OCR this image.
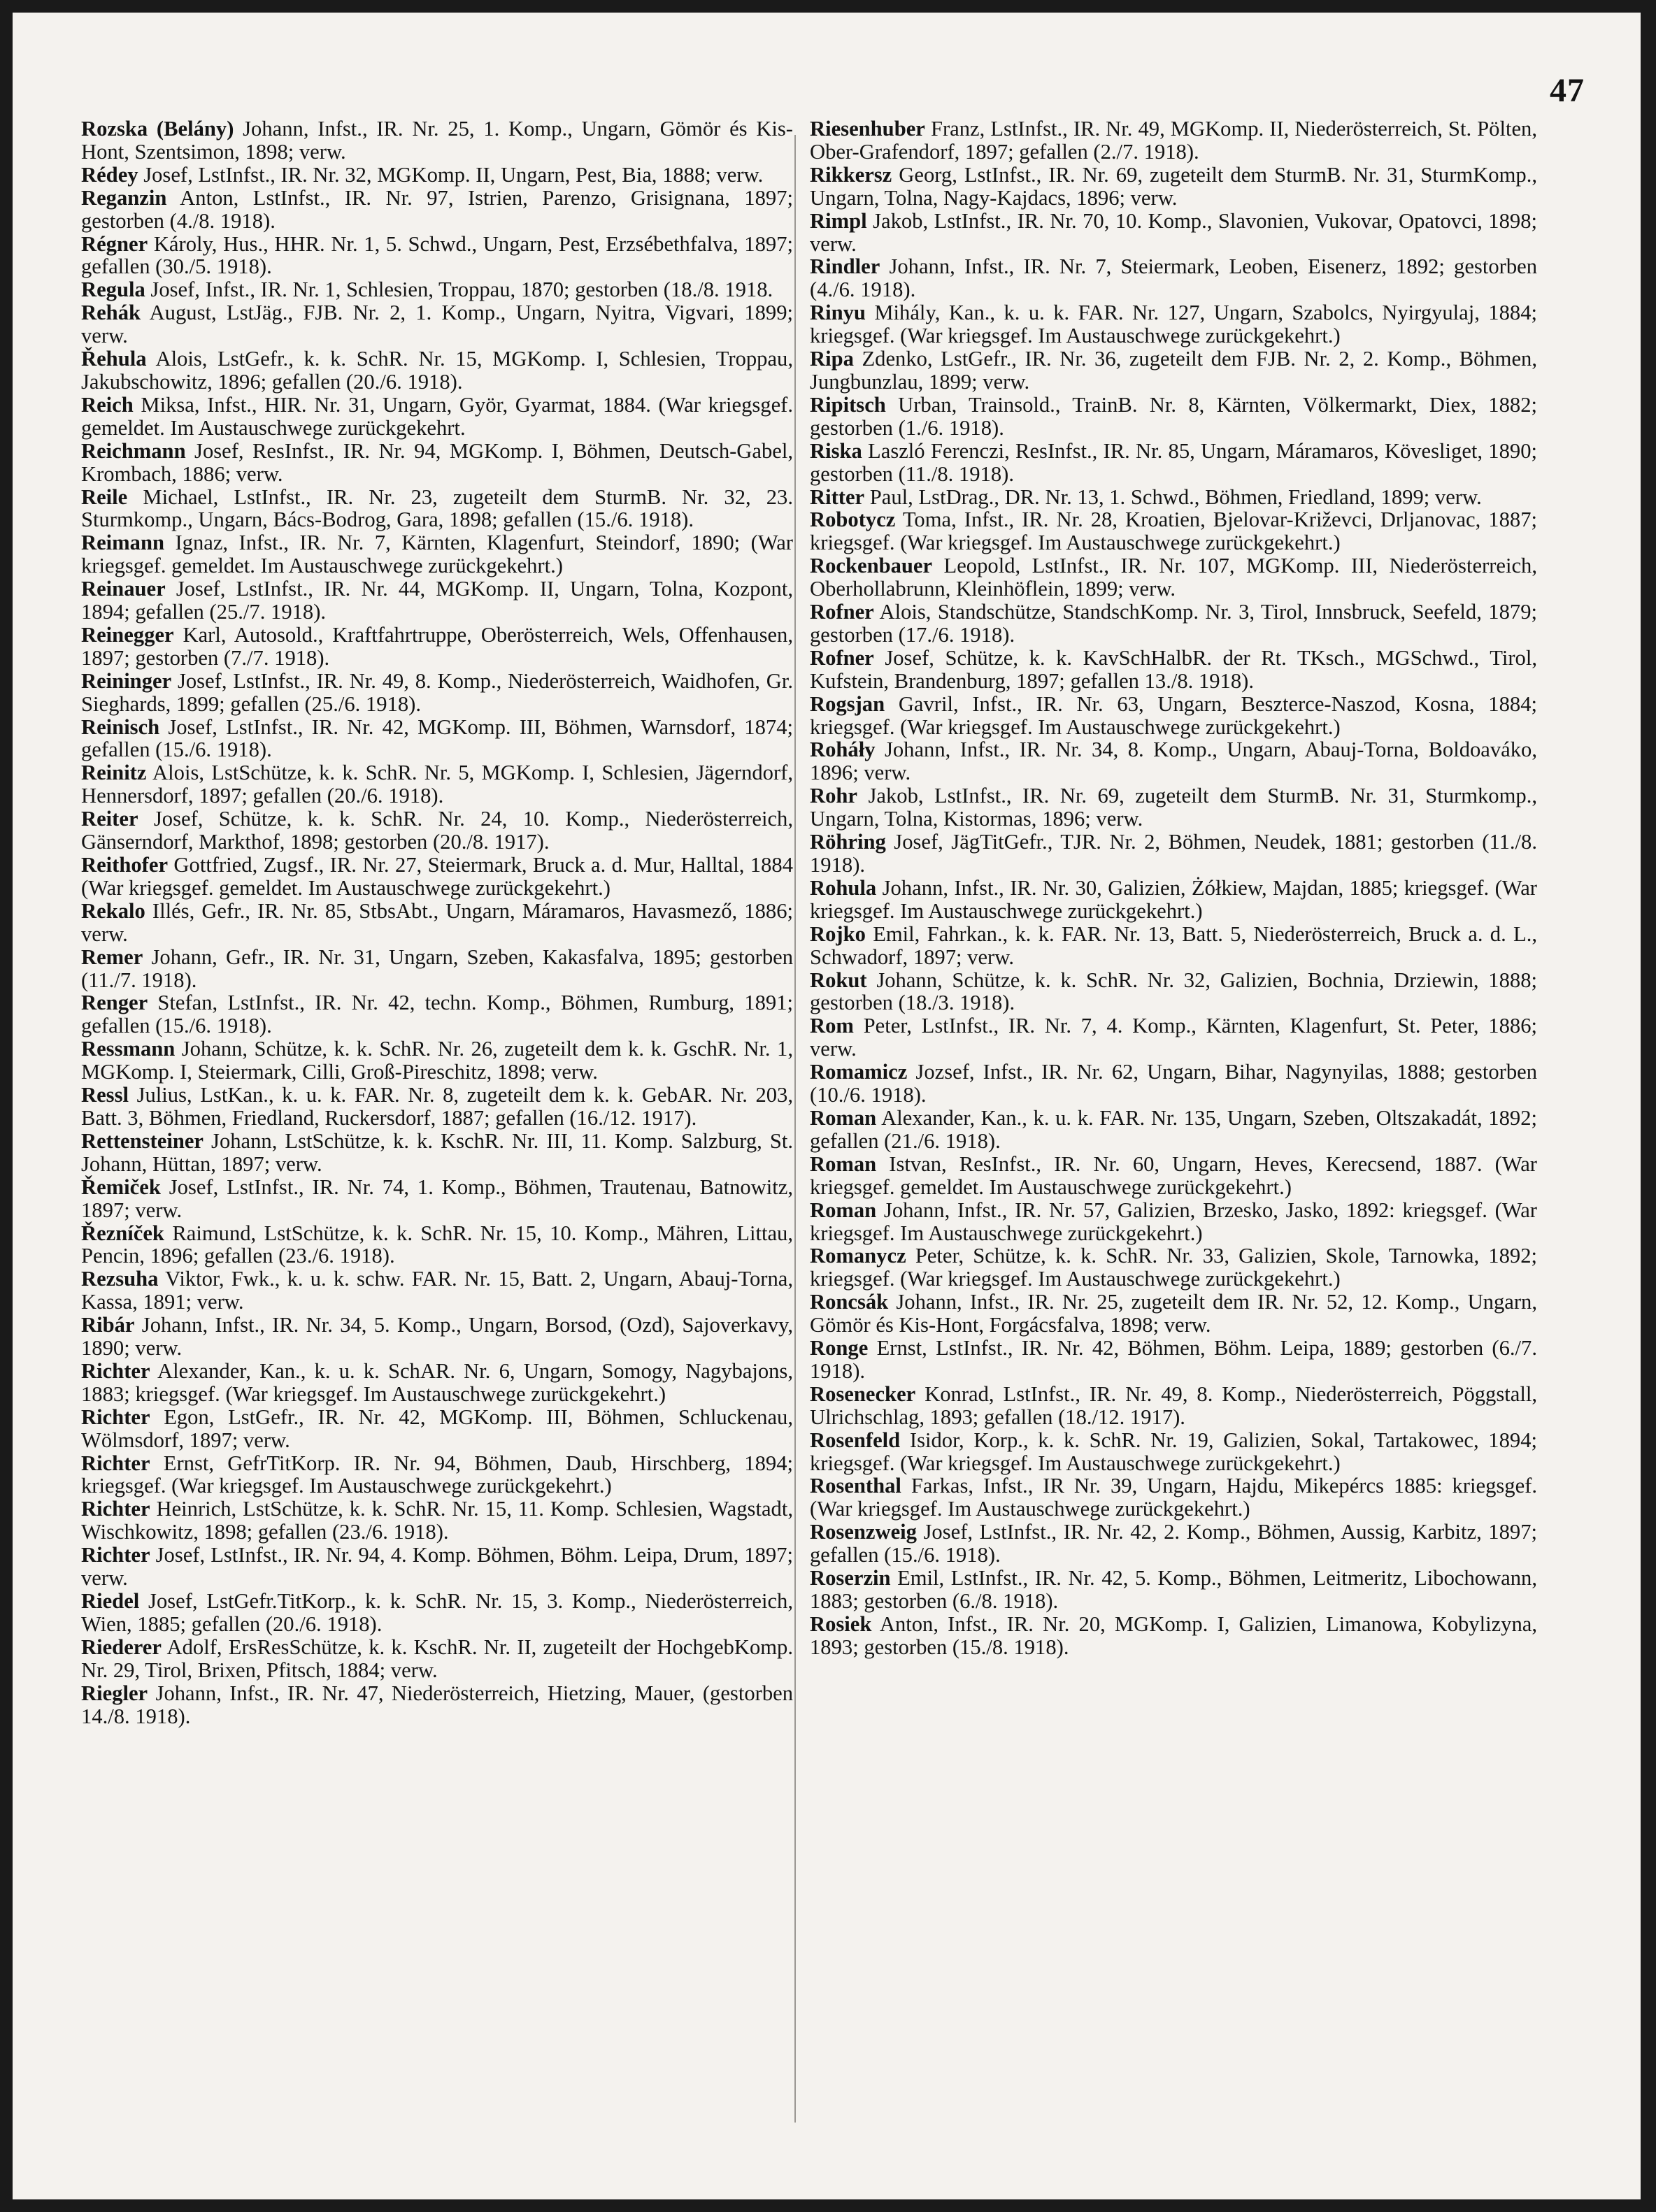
47
Rozska (Belány) Johann, Infst., IR. Nr. 25, 1. Komp., Ungarn, Gömör és Kis-Hont, Szentsimon, 1898; verw.
Rédey Josef, LstInfst., IR. Nr. 32, MGKomp. II, Ungarn, Pest, Bia, 1888; verw.
Reganzin Anton, LstInfst., IR. Nr. 97, Istrien, Parenzo, Grisignana, 1897; gestorben (4./8. 1918).
Régner Károly, Hus., HHR. Nr. 1, 5. Schwd., Ungarn, Pest, Erzsébethfalva, 1897; gefallen (30./5. 1918).
Regula Josef, Infst., IR. Nr. 1, Schlesien, Troppau, 1870; gestorben (18./8. 1918.
Rehák August, LstJäg., FJB. Nr. 2, 1. Komp., Ungarn, Nyitra, Vigvari, 1899; verw.
Řehula Alois, LstGefr., k. k. SchR. Nr. 15, MGKomp. I, Schlesien, Troppau, Jakubschowitz, 1896; gefallen (20./6. 1918).
Reich Miksa, Infst., HIR. Nr. 31, Ungarn, Györ, Gyarmat, 1884. (War kriegsgef. gemeldet. Im Austauschwege zurückgekehrt.
Reichmann Josef, ResInfst., IR. Nr. 94, MGKomp. I, Böhmen, Deutsch-Gabel, Krombach, 1886; verw.
Reile Michael, LstInfst., IR. Nr. 23, zugeteilt dem SturmB. Nr. 32, 23. Sturmkomp., Ungarn, Bács-Bodrog, Gara, 1898; gefallen (15./6. 1918).
Reimann Ignaz, Infst., IR. Nr. 7, Kärnten, Klagenfurt, Steindorf, 1890; (War kriegsgef. gemeldet. Im Austauschwege zurückgekehrt.)
Reinauer Josef, LstInfst., IR. Nr. 44, MGKomp. II, Ungarn, Tolna, Kozpont, 1894; gefallen (25./7. 1918).
Reinegger Karl, Autosold., Kraftfahrtruppe, Oberösterreich, Wels, Offenhausen, 1897; gestorben (7./7. 1918).
Reininger Josef, LstInfst., IR. Nr. 49, 8. Komp., Niederösterreich, Waidhofen, Gr. Sieghards, 1899; gefallen (25./6. 1918).
Reinisch Josef, LstInfst., IR. Nr. 42, MGKomp. III, Böhmen, Warnsdorf, 1874; gefallen (15./6. 1918).
Reinitz Alois, LstSchütze, k. k. SchR. Nr. 5, MGKomp. I, Schlesien, Jägerndorf, Hennersdorf, 1897; gefallen (20./6. 1918).
Reiter Josef, Schütze, k. k. SchR. Nr. 24, 10. Komp., Niederösterreich, Gänserndorf, Markthof, 1898; gestorben (20./8. 1917).
Reithofer Gottfried, Zugsf., IR. Nr. 27, Steiermark, Bruck a. d. Mur, Halltal, 1884 (War kriegsgef. gemeldet. Im Austauschwege zurückgekehrt.)
Rekalo Illés, Gefr., IR. Nr. 85, StbsAbt., Ungarn, Máramaros, Havasmező, 1886; verw.
Remer Johann, Gefr., IR. Nr. 31, Ungarn, Szeben, Kakasfalva, 1895; gestorben (11./7. 1918).
Renger Stefan, LstInfst., IR. Nr. 42, techn. Komp., Böhmen, Rumburg, 1891; gefallen (15./6. 1918).
Ressmann Johann, Schütze, k. k. SchR. Nr. 26, zugeteilt dem k. k. GschR. Nr. 1, MGKomp. I, Steiermark, Cilli, Groß-Pireschitz, 1898; verw.
Ressl Julius, LstKan., k. u. k. FAR. Nr. 8, zugeteilt dem k. k. GebAR. Nr. 203, Batt. 3, Böhmen, Friedland, Ruckersdorf, 1887; gefallen (16./12. 1917).
Rettensteiner Johann, LstSchütze, k. k. KschR. Nr. III, 11. Komp. Salzburg, St. Johann, Hüttan, 1897; verw.
Řemiček Josef, LstInfst., IR. Nr. 74, 1. Komp., Böhmen, Trautenau, Batnowitz, 1897; verw.
Řezníček Raimund, LstSchütze, k. k. SchR. Nr. 15, 10. Komp., Mähren, Littau, Pencin, 1896; gefallen (23./6. 1918).
Rezsuha Viktor, Fwk., k. u. k. schw. FAR. Nr. 15, Batt. 2, Ungarn, Abauj-Torna, Kassa, 1891; verw.
Ribár Johann, Infst., IR. Nr. 34, 5. Komp., Ungarn, Borsod, (Ozd), Sajoverkavy, 1890; verw.
Richter Alexander, Kan., k. u. k. SchAR. Nr. 6, Ungarn, Somogy, Nagybajons, 1883; kriegsgef. (War kriegsgef. Im Austauschwege zurückgekehrt.)
Richter Egon, LstGefr., IR. Nr. 42, MGKomp. III, Böhmen, Schluckenau, Wölmsdorf, 1897; verw.
Richter Ernst, GefrTitKorp. IR. Nr. 94, Böhmen, Daub, Hirschberg, 1894; kriegsgef. (War kriegsgef. Im Austauschwege zurückgekehrt.)
Richter Heinrich, LstSchütze, k. k. SchR. Nr. 15, 11. Komp. Schlesien, Wagstadt, Wischkowitz, 1898; gefallen (23./6. 1918).
Richter Josef, LstInfst., IR. Nr. 94, 4. Komp. Böhmen, Böhm. Leipa, Drum, 1897; verw.
Riedel Josef, LstGefr.TitKorp., k. k. SchR. Nr. 15, 3. Komp., Niederösterreich, Wien, 1885; gefallen (20./6. 1918).
Riederer Adolf, ErsResSchütze, k. k. KschR. Nr. II, zugeteilt der HochgebKomp. Nr. 29, Tirol, Brixen, Pfitsch, 1884; verw.
Riegler Johann, Infst., IR. Nr. 47, Niederösterreich, Hietzing, Mauer, (gestorben 14./8. 1918).
Riesenhuber Franz, LstInfst., IR. Nr. 49, MGKomp. II, Niederösterreich, St. Pölten, Ober-Grafendorf, 1897; gefallen (2./7. 1918).
Rikkersz Georg, LstInfst., IR. Nr. 69, zugeteilt dem SturmB. Nr. 31, SturmKomp., Ungarn, Tolna, Nagy-Kajdacs, 1896; verw.
Rimpl Jakob, LstInfst., IR. Nr. 70, 10. Komp., Slavonien, Vukovar, Opatovci, 1898; verw.
Rindler Johann, Infst., IR. Nr. 7, Steiermark, Leoben, Eisenerz, 1892; gestorben (4./6. 1918).
Rinyu Mihály, Kan., k. u. k. FAR. Nr. 127, Ungarn, Szabolcs, Nyirgyulaj, 1884; kriegsgef. (War kriegsgef. Im Austauschwege zurückgekehrt.)
Ripa Zdenko, LstGefr., IR. Nr. 36, zugeteilt dem FJB. Nr. 2, 2. Komp., Böhmen, Jungbunzlau, 1899; verw.
Ripitsch Urban, Trainsold., TrainB. Nr. 8, Kärnten, Völkermarkt, Diex, 1882; gestorben (1./6. 1918).
Riska Laszló Ferenczi, ResInfst., IR. Nr. 85, Ungarn, Máramaros, Kövesliget, 1890; gestorben (11./8. 1918).
Ritter Paul, LstDrag., DR. Nr. 13, 1. Schwd., Böhmen, Friedland, 1899; verw.
Robotycz Toma, Infst., IR. Nr. 28, Kroatien, Bjelovar-Križevci, Drljanovac, 1887; kriegsgef. (War kriegsgef. Im Austauschwege zurückgekehrt.)
Rockenbauer Leopold, LstInfst., IR. Nr. 107, MGKomp. III, Niederösterreich, Oberhollabrunn, Kleinhöflein, 1899; verw.
Rofner Alois, Standschütze, StandschKomp. Nr. 3, Tirol, Innsbruck, Seefeld, 1879; gestorben (17./6. 1918).
Rofner Josef, Schütze, k. k. KavSchHalbR. der Rt. TKsch., MGSchwd., Tirol, Kufstein, Brandenburg, 1897; gefallen 13./8. 1918).
Rogsjan Gavril, Infst., IR. Nr. 63, Ungarn, Beszterce-Naszod, Kosna, 1884; kriegsgef. (War kriegsgef. Im Austauschwege zurückgekehrt.)
Roháły Johann, Infst., IR. Nr. 34, 8. Komp., Ungarn, Abauj-Torna, Boldoaváko, 1896; verw.
Rohr Jakob, LstInfst., IR. Nr. 69, zugeteilt dem SturmB. Nr. 31, Sturmkomp., Ungarn, Tolna, Kistormas, 1896; verw.
Röhring Josef, JägTitGefr., TJR. Nr. 2, Böhmen, Neudek, 1881; gestorben (11./8. 1918).
Rohula Johann, Infst., IR. Nr. 30, Galizien, Żółkiew, Majdan, 1885; kriegsgef. (War kriegsgef. Im Austauschwege zurückgekehrt.)
Rojko Emil, Fahrkan., k. k. FAR. Nr. 13, Batt. 5, Niederösterreich, Bruck a. d. L., Schwadorf, 1897; verw.
Rokut Johann, Schütze, k. k. SchR. Nr. 32, Galizien, Bochnia, Drziewin, 1888; gestorben (18./3. 1918).
Rom Peter, LstInfst., IR. Nr. 7, 4. Komp., Kärnten, Klagenfurt, St. Peter, 1886; verw.
Romamicz Jozsef, Infst., IR. Nr. 62, Ungarn, Bihar, Nagynyilas, 1888; gestorben (10./6. 1918).
Roman Alexander, Kan., k. u. k. FAR. Nr. 135, Ungarn, Szeben, Oltszakadát, 1892; gefallen (21./6. 1918).
Roman Istvan, ResInfst., IR. Nr. 60, Ungarn, Heves, Kerecsend, 1887. (War kriegsgef. gemeldet. Im Austauschwege zurückgekehrt.)
Roman Johann, Infst., IR. Nr. 57, Galizien, Brzesko, Jasko, 1892: kriegsgef. (War kriegsgef. Im Austauschwege zurückgekehrt.)
Romanycz Peter, Schütze, k. k. SchR. Nr. 33, Galizien, Skole, Tarnowka, 1892; kriegsgef. (War kriegsgef. Im Austauschwege zurückgekehrt.)
Roncsák Johann, Infst., IR. Nr. 25, zugeteilt dem IR. Nr. 52, 12. Komp., Ungarn, Gömör és Kis-Hont, Forgácsfalva, 1898; verw.
Ronge Ernst, LstInfst., IR. Nr. 42, Böhmen, Böhm. Leipa, 1889; gestorben (6./7. 1918).
Rosenecker Konrad, LstInfst., IR. Nr. 49, 8. Komp., Niederösterreich, Pöggstall, Ulrichschlag, 1893; gefallen (18./12. 1917).
Rosenfeld Isidor, Korp., k. k. SchR. Nr. 19, Galizien, Sokal, Tartakowec, 1894; kriegsgef. (War kriegsgef. Im Austauschwege zurückgekehrt.)
Rosenthal Farkas, Infst., IR Nr. 39, Ungarn, Hajdu, Mikepércs 1885: kriegsgef. (War kriegsgef. Im Austauschwege zurückgekehrt.)
Rosenzweig Josef, LstInfst., IR. Nr. 42, 2. Komp., Böhmen, Aussig, Karbitz, 1897; gefallen (15./6. 1918).
Roserzin Emil, LstInfst., IR. Nr. 42, 5. Komp., Böhmen, Leitmeritz, Libochowann, 1883; gestorben (6./8. 1918).
Rosiek Anton, Infst., IR. Nr. 20, MGKomp. I, Galizien, Limanowa, Kobylizyna, 1893; gestorben (15./8. 1918).
